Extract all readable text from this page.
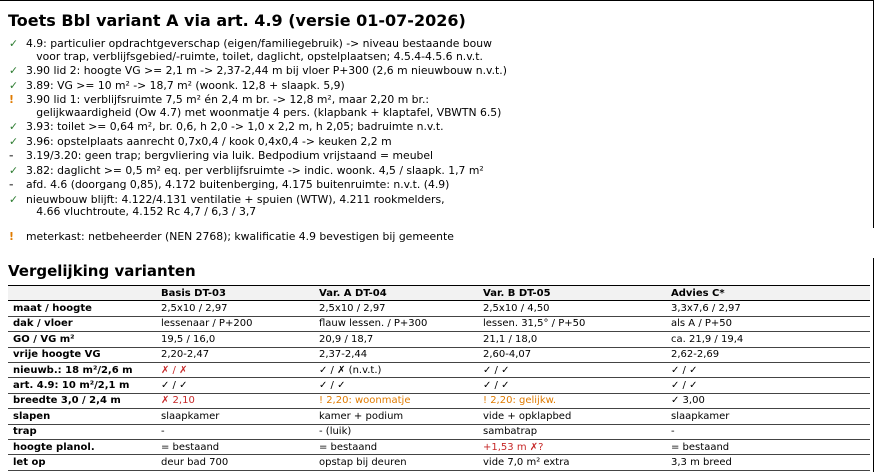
Toets Bbl variant A via art. 4.9 (versie 01-07-2026)
✓ 4.9: particulier opdrachtgeverschap (eigen/familiegebruik) -> niveau bestaande bouw
voor trap, verblijfsgebied/-ruimte, toilet, daglicht, opstelplaatsen; 4.5.4-4.5.6 n.v.t.
✓ 3.90 lid 2: hoogte VG >= 2,1 m -> 2,37-2,44 m bij vloer P+300 (2,6 m nieuwbouw n.v.t.)
✓ 3.89: VG >= 10 m² -> 18,7 m² (woonk. 12,8 + slaapk. 5,9)
!	3.90 lid 1: verblijfsruimte 7,5 m² én 2,4 m br. -> 12,8 m², maar 2,20 m br.:
gelijkwaardigheid (Ow 4.7) met woonmatje 4 pers. (klapbank + klaptafel, VBWTN 6.5)
✓ 3.93: toilet >= 0,64 m², br. 0,6, h 2,0 -> 1,0 x 2,2 m, h 2,05; badruimte n.v.t.
✓ 3.96: opstelplaats aanrecht 0,7x0,4 / kook 0,4x0,4 -> keuken 2,2 m
-	3.19/3.20: geen trap; bergvliering via luik. Bedpodium vrijstaand = meubel
✓ 3.82: daglicht >= 0,5 m² eq. per verblijfsruimte -> indic. woonk. 4,5 / slaapk. 1,7 m²
-	afd. 4.6 (doorgang 0,85), 4.172 buitenberging, 4.175 buitenruimte: n.v.t. (4.9)
✓ nieuwbouw blijft: 4.122/4.131 ventilatie + spuien (WTW), 4.211 rookmelders,
4.66 vluchtroute, 4.152 Rc 4,7 / 6,3 / 3,7
!	meterkast: netbeheerder (NEN 2768); kwalificatie 4.9 bevestigen bij gemeente
Vergelijking varianten
	Basis DT-03	Var. A DT-04	Var. B DT-05	Advies C*
maat / hoogte	2,5x10 / 2,97	2,5x10 / 2,97	2,5x10 / 4,50	3,3x7,6 / 2,97
dak / vloer	lessenaar / P+200	flauw lessen. / P+300	lessen. 31,5° / P+50	als A / P+50
GO / VG m²	19,5 / 16,0	20,9 / 18,7	21,1 / 18,0	ca. 21,9 / 19,4
vrije hoogte VG	2,20-2,47	2,37-2,44	2,60-4,07	2,62-2,69
nieuwb.: 18 m²/2,6 m	✗ / ✗	✓ / ✗ (n.v.t.)	✓ / ✓	✓ / ✓
art. 4.9: 10 m²/2,1 m	✓ / ✓	✓ / ✓	✓ / ✓	✓ / ✓
breedte 3,0 / 2,4 m	✗ 2,10	! 2,20: woonmatje	! 2,20: gelijkw.	✓ 3,00
slapen	slaapkamer	kamer + podium	vide + opklapbed	slaapkamer
trap	-	- (luik)	sambatrap	-
hoogte planol.	= bestaand	= bestaand	+1,53 m ✗?	= bestaand
let op	deur bad 700	opstap bij deuren	vide 7,0 m² extra	3,3 m breed
